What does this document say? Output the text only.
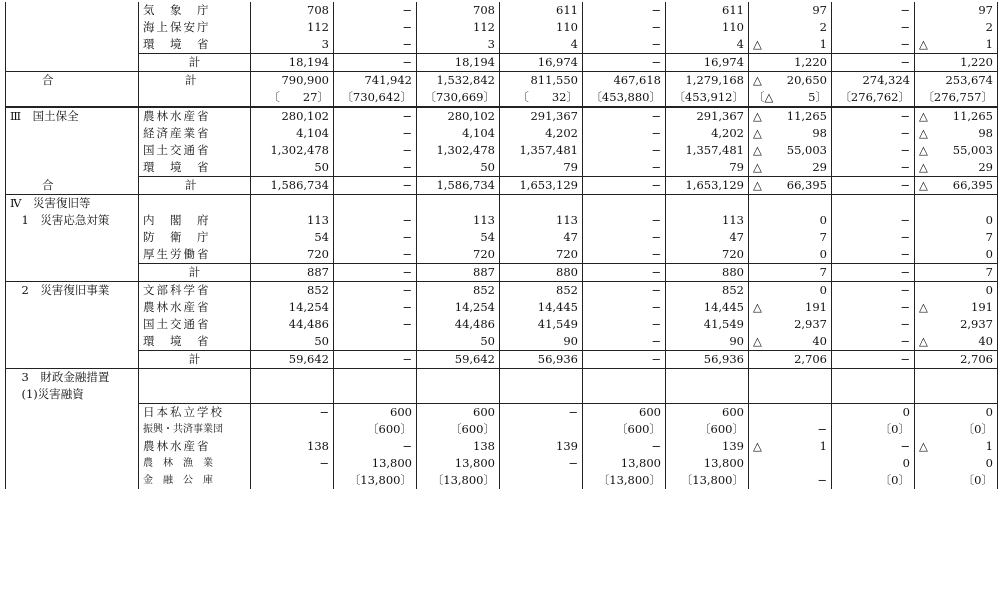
	気　象　庁	708	−	708	611	−	611	97	−	97
	海上保安庁	112	−	112	110	−	110	2	−	2
	環　境　省	3	−	3	4	−	4	△ 1	−	△ 1
	計	18,194	−	18,194	16,974	−	16,974	1,220	−	1,220
合　計		790,900	741,942	1,532,842	811,550	467,618	1,279,168	△ 20,650	274,324	253,674
		〔　　27〕	〔730,642〕	〔730,669〕	〔　　32〕	〔453,880〕	〔453,912〕	〔△ 5〕	〔276,762〕	〔276,757〕
Ⅲ　国土保全	農林水産省	280,102	−	280,102	291,367	−	291,367	△ 11,265	−	△ 11,265
	経済産業省	4,104	−	4,104	4,202	−	4,202	△ 98	−	△ 98
	国土交通省	1,302,478	−	1,302,478	1,357,481	−	1,357,481	△ 55,003	−	△ 55,003
	環　境　省	50	−	50	79	−	79	△ 29	−	△ 29
合　計		1,586,734	−	1,586,734	1,653,129	−	1,653,129	△ 66,395	−	△ 66,395
Ⅳ　災害復旧等										
　1　災害応急対策	内　閣　府	113	−	113	113	−	113	0	−	0
	防　衛　庁	54	−	54	47	−	47	7	−	7
	厚生労働省	720	−	720	720	−	720	0	−	0
	計	887	−	887	880	−	880	7	−	7
　2　災害復旧事業	文部科学省	852	−	852	852	−	852	0	−	0
	農林水産省	14,254	−	14,254	14,445	−	14,445	△ 191	−	△ 191
	国土交通省	44,486	−	44,486	41,549	−	41,549	2,937	−	2,937
	環　境　省	50		50	90	−	90	△ 40	−	△ 40
	計	59,642	−	59,642	56,936	−	56,936	2,706	−	2,706
　3　財政金融措置										
　(1)災害融資										
	日本私立学校	−	600	600	−	600	600		0	0
	振興・共済事業団		〔600〕	〔600〕		〔600〕	〔600〕	−	〔0〕	〔0〕
	農林水産省	138	−	138	139	−	139	△ 1	−	△ 1
	農　林　漁　業	−	13,800	13,800	−	13,800	13,800		0	0
	金　融　公　庫		〔13,800〕	〔13,800〕		〔13,800〕	〔13,800〕	−	〔0〕	〔0〕
